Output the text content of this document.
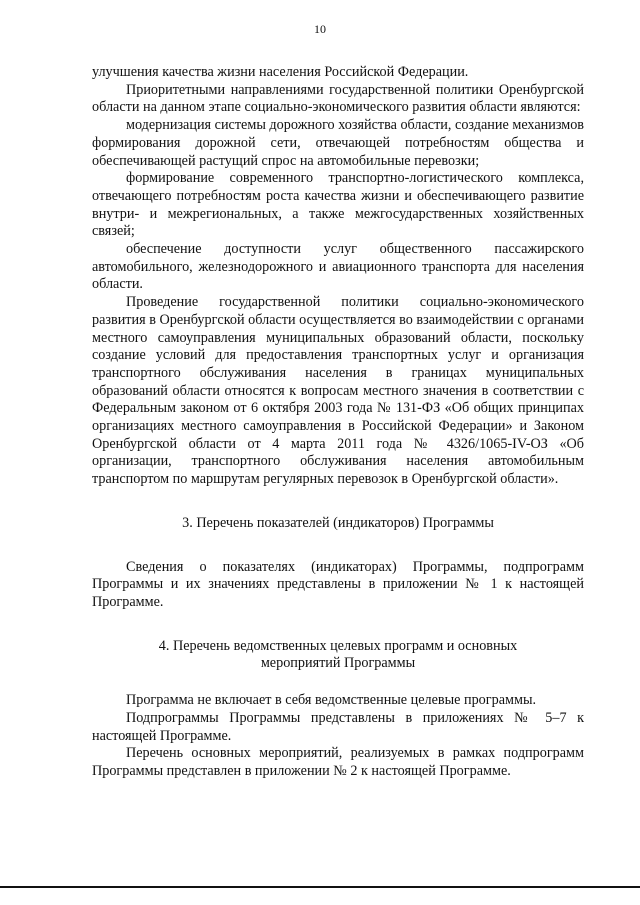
10

улучшения качества жизни населения Российской Федерации.

Приоритетными направлениями государственной политики Оренбургской области на данном этапе социально-экономического развития области являются:

модернизация системы дорожного хозяйства области, создание механизмов формирования дорожной сети, отвечающей потребностям общества и обеспечивающей растущий спрос на автомобильные перевозки;

формирование современного транспортно-логистического комплекса, отвечающего потребностям роста качества жизни и обеспечивающего развитие внутри- и межрегиональных, а также межгосударственных хозяйственных связей;

обеспечение доступности услуг общественного пассажирского автомобильного, железнодорожного и авиационного транспорта для населения области.

Проведение государственной политики социально-экономического развития в Оренбургской области осуществляется во взаимодействии с органами местного самоуправления муниципальных образований области, поскольку создание условий для предоставления транспортных услуг и организация транспортного обслуживания населения в границах муниципальных образований области относятся к вопросам местного значения в соответствии с Федеральным законом от 6 октября 2003 года № 131-ФЗ «Об общих принципах организациях местного самоуправления в Российской Федерации» и Законом Оренбургской области от 4 марта 2011 года № 4326/1065-IV-ОЗ «Об организации, транспортного обслуживания населения автомобильным транспортом по маршрутам регулярных перевозок в Оренбургской области».

3. Перечень показателей (индикаторов) Программы

Сведения о показателях (индикаторах) Программы, подпрограмм Программы и их значениях представлены в приложении № 1 к настоящей Программе.

4. Перечень ведомственных целевых программ и основных

мероприятий Программы

Программа не включает в себя ведомственные целевые программы.

Подпрограммы Программы представлены в приложениях № 5–7 к настоящей Программе.

Перечень основных мероприятий, реализуемых в рамках подпрограмм Программы представлен в приложении № 2 к настоящей Программе.
